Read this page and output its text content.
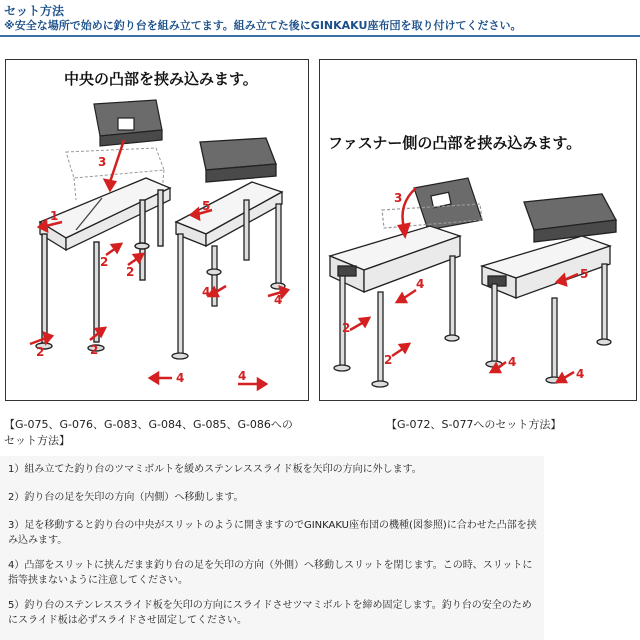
セット方法
※安全な場所で始めに釣り台を組み立てます。組み立てた後にGINKAKU座布団を取り付けてください。
中央の凸部を挟み込みます。
3
1
2
2
2	2
4	4
5
4
4
ファスナー側の凸部を挟み込みます。
3
2
2
4
5
4
4
【G-075、G-076、G-083、G-084、G-085、G-086への
セット方法】
【G-072、S-077へのセット方法】
1）組み立てた釣り台のツマミボルトを緩めステンレススライド板を矢印の方向に外します。
2）釣り台の足を矢印の方向（内側）へ移動します。
3）足を移動すると釣り台の中央がスリットのように開きますのでGINKAKU座布団の機種(図参照)に合わせた凸部を挟み込みます。
4）凸部をスリットに挟んだまま釣り台の足を矢印の方向（外側）へ移動しスリットを閉じます。この時、スリットに指等挟まないように注意してください。
5）釣り台のステンレススライド板を矢印の方向にスライドさせツマミボルトを締め固定します。釣り台の安全のためにスライド板は必ずスライドさせ固定してください。
